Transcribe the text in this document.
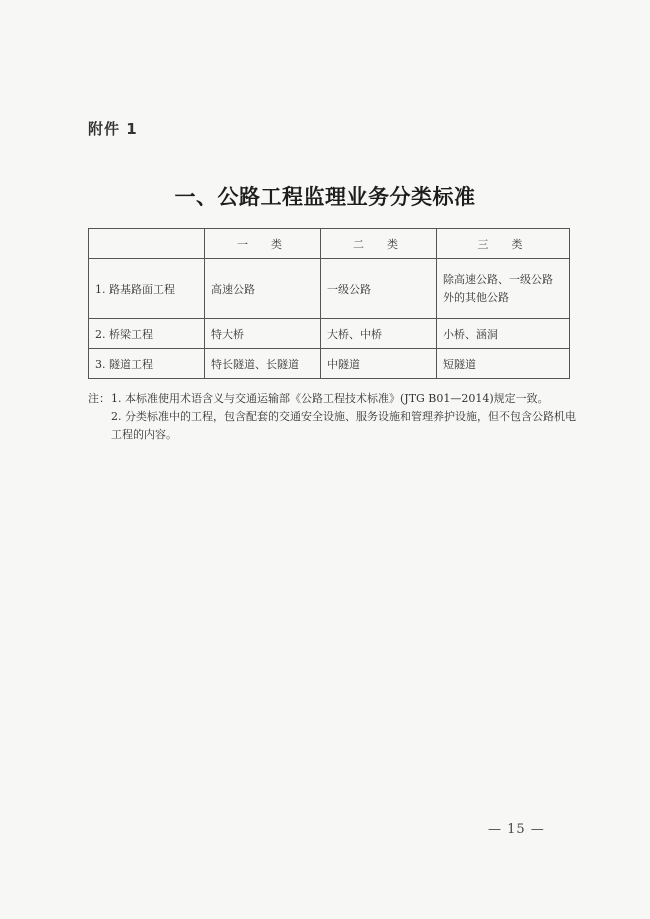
附件 1
一、公路工程监理业务分类标准
	一　类	二　类	三　类
1. 路基路面工程	高速公路	一级公路	除高速公路、一级公路外的其他公路
2. 桥梁工程	特大桥	大桥、中桥	小桥、涵洞
3. 隧道工程	特长隧道、长隧道	中隧道	短隧道
注： 1. 本标准使用术语含义与交通运输部《公路工程技术标准》(JTG B01—2014)规定一致。
2. 分类标准中的工程，包含配套的交通安全设施、服务设施和管理养护设施，但不包含公路机电工程的内容。
— 15 —
